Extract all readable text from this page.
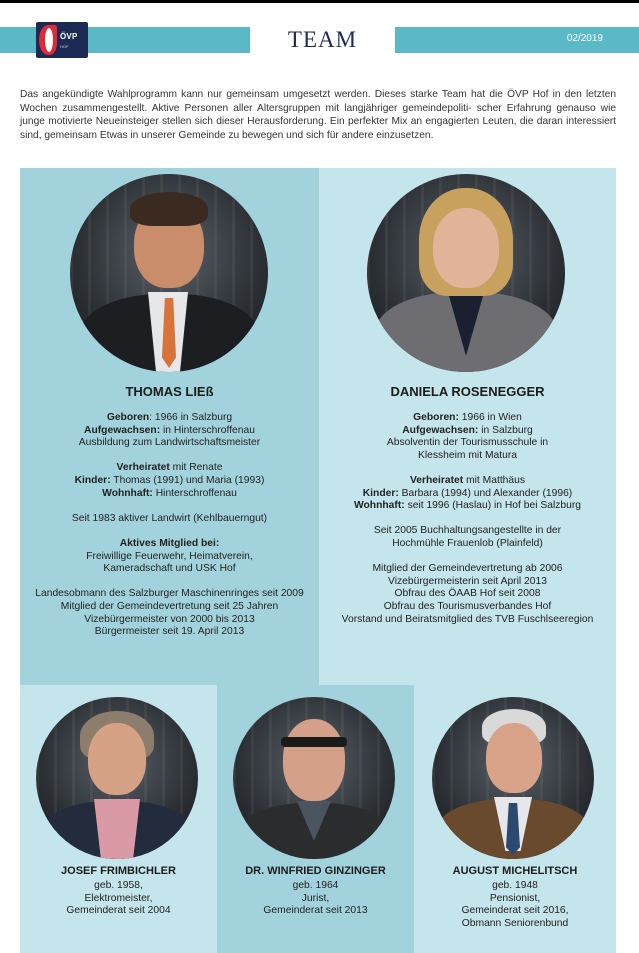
ÖVP
HOF	TEAM	02/2019

Das angekündigte Wahlprogramm kann nur gemeinsam umgesetzt werden. Dieses starke Team hat die ÖVP Hof in den letzten Wochen zusammengestellt. Aktive Personen aller Altersgruppen mit langjähriger gemeindepoliti- scher Erfahrung genauso wie junge motivierte Neueinsteiger stellen sich dieser Herausforderung. Ein perfekter Mix an engagierten Leuten, die daran interessiert sind, gemeinsam Etwas in unserer Gemeinde zu bewegen und sich für andere einzusetzen.

THOMAS LIEß

Geboren: 1966 in Salzburg

Aufgewachsen: in Hinterschroffenau

Ausbildung zum Landwirtschaftsmeister

Verheiratet mit Renate

Kinder: Thomas (1991) und Maria (1993)

Wohnhaft: Hinterschroffenau

Seit 1983 aktiver Landwirt (Kehlbauerngut)

Aktives Mitglied bei:

Freiwillige Feuerwehr, Heimatverein,

Kameradschaft und USK Hof

Landesobmann des Salzburger Maschinenringes seit 2009

Mitglied der Gemeindevertretung seit 25 Jahren

Vizebürgermeister von 2000 bis 2013

Bürgermeister seit 19. April 2013

DANIELA ROSENEGGER

Geboren: 1966 in Wien

Aufgewachsen: in Salzburg

Absolventin der Tourismusschule in

Klessheim mit Matura

Verheiratet mit Matthäus

Kinder: Barbara (1994) und Alexander (1996)

Wohnhaft: seit 1996 (Haslau) in Hof bei Salzburg

Seit 2005 Buchhaltungsangestellte in der

Hochmühle Frauenlob (Plainfeld)

Mitglied der Gemeindevertretung ab 2006

Vizebürgermeisterin seit April 2013

Obfrau des ÖAAB Hof seit 2008

Obfrau des Tourismusverbandes Hof

Vorstand und Beiratsmitglied des TVB Fuschlseeregion

JOSEF FRIMBICHLER

geb. 1958,

Elektromeister,

Gemeinderat seit 2004

DR. WINFRIED GINZINGER

geb. 1964

Jurist,

Gemeinderat seit 2013

AUGUST MICHELITSCH

geb. 1948

Pensionist,

Gemeinderat seit 2016,

Obmann Seniorenbund
